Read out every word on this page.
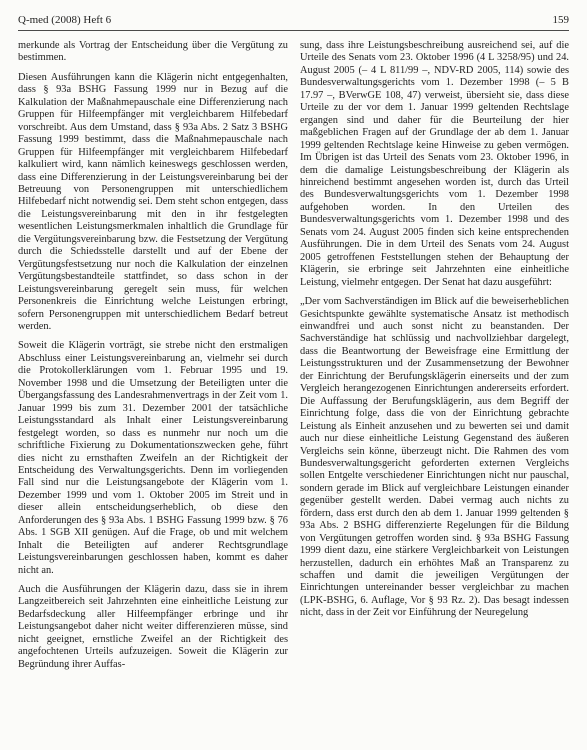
Q-med (2008) Heft 6	159

merkunde als Vortrag der Entscheidung über die Vergütung zu bestimmen.

Diesen Ausführungen kann die Klägerin nicht entgegenhalten, dass § 93a BSHG Fassung 1999 nur in Bezug auf die Kalkulation der Maßnahmepauschale eine Differenzierung nach Gruppen für Hilfeempfänger mit vergleichbarem Hilfebedarf vorschreibt. Aus dem Umstand, dass § 93a Abs. 2 Satz 3 BSHG Fassung 1999 bestimmt, dass die Maßnahmepauschale nach Gruppen für Hilfeempfänger mit vergleichbarem Hilfebedarf kalkuliert wird, kann nämlich keineswegs geschlossen werden, dass eine Differenzierung in der Leistungsvereinbarung bei der Betreuung von Personengruppen mit unterschiedlichem Hilfebedarf nicht notwendig sei. Dem steht schon entgegen, dass die Leistungsvereinbarung mit den in ihr festgelegten wesentlichen Leistungsmerkmalen inhaltlich die Grundlage für die Vergütungsvereinbarung bzw. die Festsetzung der Vergütung durch die Schiedsstelle darstellt und auf der Ebene der Vergütungsfestsetzung nur noch die Kalkulation der einzelnen Vergütungsbestandteile stattfindet, so dass schon in der Leistungsvereinbarung geregelt sein muss, für welchen Personenkreis die Einrichtung welche Leistungen erbringt, sofern Personengruppen mit unterschiedlichem Bedarf betreut werden.

Soweit die Klägerin vorträgt, sie strebe nicht den erstmaligen Abschluss einer Leistungsvereinbarung an, vielmehr sei durch die Protokollerklärungen vom 1. Februar 1995 und 19. November 1998 und die Umsetzung der Beteiligten unter die Übergangsfassung des Landesrahmenvertrags in der Zeit vom 1. Januar 1999 bis zum 31. Dezember 2001 der tatsächliche Leistungsstandard als Inhalt einer Leistungsvereinbarung festgelegt worden, so dass es nunmehr nur noch um die schriftliche Fixierung zu Dokumentationszwecken gehe, führt dies nicht zu ernsthaften Zweifeln an der Richtigkeit der Entscheidung des Verwaltungsgerichts. Denn im vorliegenden Fall sind nur die Leistungsangebote der Klägerin vom 1. Dezember 1999 und vom 1. Oktober 2005 im Streit und in dieser allein entscheidungserheblich, ob diese den Anforderungen des § 93a Abs. 1 BSHG Fassung 1999 bzw. § 76 Abs. 1 SGB XII genügen. Auf die Frage, ob und mit welchem Inhalt die Beteiligten auf anderer Rechtsgrundlage Leistungsvereinbarungen geschlossen haben, kommt es daher nicht an.

Auch die Ausführungen der Klägerin dazu, dass sie in ihrem Langzeitbereich seit Jahrzehnten eine einheitliche Leistung zur Bedarfsdeckung aller Hilfeempfänger erbringe und ihr Leistungsangebot daher nicht weiter differenzieren müsse, sind nicht geeignet, ernstliche Zweifel an der Richtigkeit des angefochtenen Urteils aufzuzeigen. Soweit die Klägerin zur Begründung ihrer Auffas-

sung, dass ihre Leistungsbeschreibung ausreichend sei, auf die Urteile des Senats vom 23. Oktober 1996 (4 L 3258/95) und 24. August 2005 (– 4 L 811/99 –, NDV-RD 2005, 114) sowie des Bundesverwaltungsgerichts vom 1. Dezember 1998 (– 5 B 17.97 –, BVerwGE 108, 47) verweist, übersieht sie, dass diese Urteile zu der vor dem 1. Januar 1999 geltenden Rechtslage ergangen sind und daher für die Beurteilung der hier maßgeblichen Fragen auf der Grundlage der ab dem 1. Januar 1999 geltenden Rechtslage keine Hinweise zu geben vermögen. Im Übrigen ist das Urteil des Senats vom 23. Oktober 1996, in dem die damalige Leistungsbeschreibung der Klägerin als hinreichend bestimmt angesehen worden ist, durch das Urteil des Bundesverwaltungsgerichts vom 1. Dezember 1998 aufgehoben worden. In den Urteilen des Bundesverwaltungsgerichts vom 1. Dezember 1998 und des Senats vom 24. August 2005 finden sich keine entsprechenden Ausführungen. Die in dem Urteil des Senats vom 24. August 2005 getroffenen Feststellungen stehen der Behauptung der Klägerin, sie erbringe seit Jahrzehnten eine einheitliche Leistung, vielmehr entgegen. Der Senat hat dazu ausgeführt:

„Der vom Sachverständigen im Blick auf die beweiserheblichen Gesichtspunkte gewählte systematische Ansatz ist methodisch einwandfrei und auch sonst nicht zu beanstanden. Der Sachverständige hat schlüssig und nachvollziehbar dargelegt, dass die Beantwortung der Beweisfrage eine Ermittlung der Leistungsstrukturen und der Zusammensetzung der Bewohner der Einrichtung der Berufungsklägerin einerseits und der zum Vergleich herangezogenen Einrichtungen andererseits erfordert. Die Auffassung der Berufungsklägerin, aus dem Begriff der Einrichtung folge, dass die von der Einrichtung gebrachte Leistung als Einheit anzusehen und zu bewerten sei und damit auch nur diese einheitliche Leistung Gegenstand des äußeren Vergleichs sein könne, überzeugt nicht. Die Rahmen des vom Bundesverwaltungsgericht geforderten externen Vergleichs sollen Entgelte verschiedener Einrichtungen nicht nur pauschal, sondern gerade im Blick auf vergleichbare Leistungen einander gegenüber gestellt werden. Dabei vermag auch nichts zu fördern, dass erst durch den ab dem 1. Januar 1999 geltenden § 93a Abs. 2 BSHG differenzierte Regelungen für die Bildung von Vergütungen getroffen worden sind. § 93a BSHG Fassung 1999 dient dazu, eine stärkere Vergleichbarkeit von Leistungen herzustellen, dadurch ein erhöhtes Maß an Transparenz zu schaffen und damit die jeweiligen Vergütungen der Einrichtungen untereinander besser vergleichbar zu machen (LPK-BSHG, 6. Auflage, Vor § 93 Rz. 2). Das besagt indessen nicht, dass in der Zeit vor Einführung der Neuregelung
